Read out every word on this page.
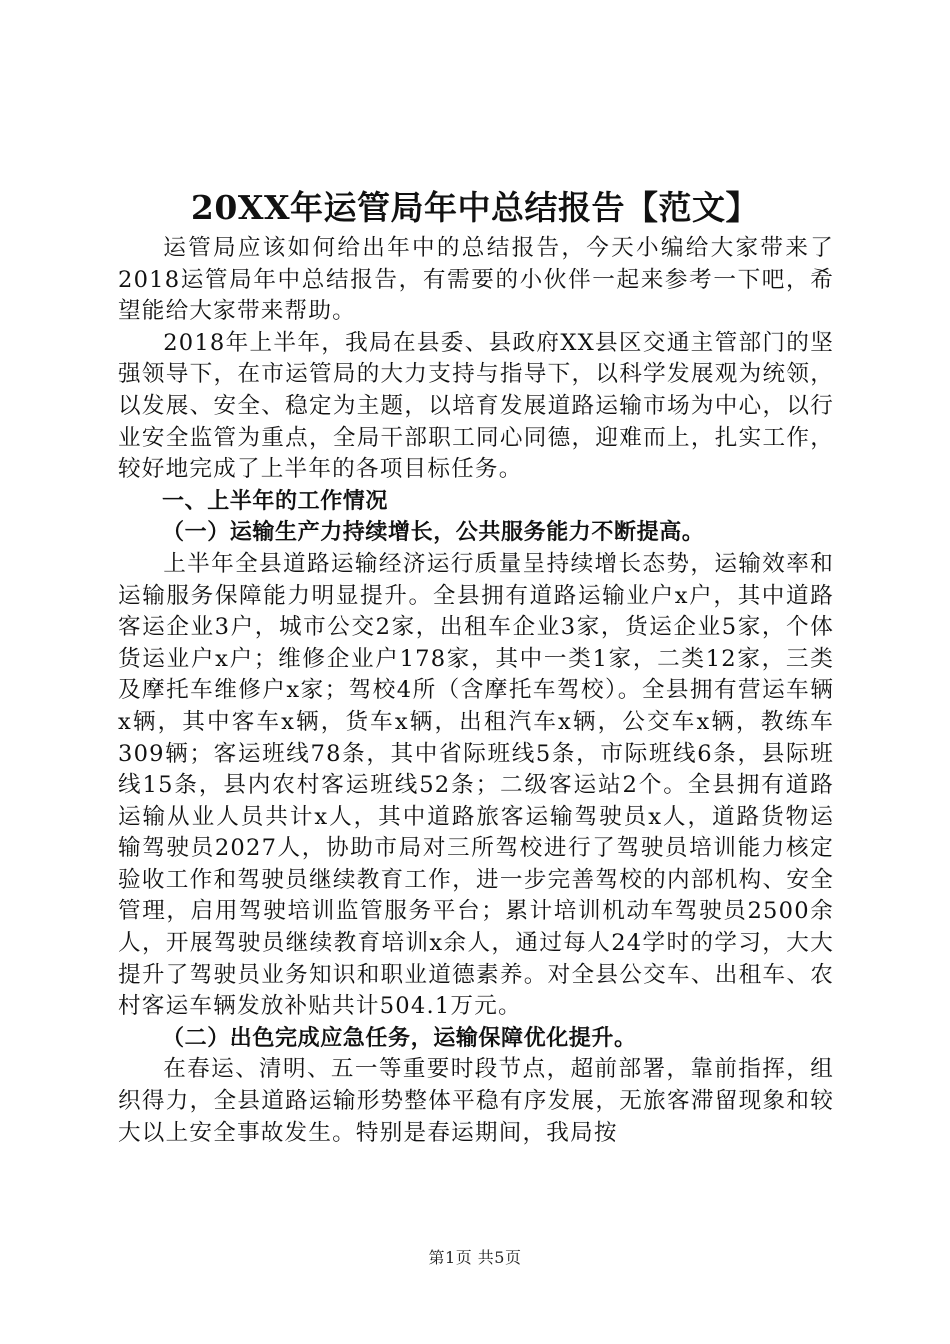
20XX年运管局年中总结报告【范文】

运管局应该如何给出年中的总结报告，今天小编给大家带来了2018运管局年中总结报告，有需要的小伙伴一起来参考一下吧，希望能给大家带来帮助。

2018年上半年，我局在县委、县政府XX县区交通主管部门的坚强领导下，在市运管局的大力支持与指导下，以科学发展观为统领，以发展、安全、稳定为主题，以培育发展道路运输市场为中心，以行业安全监管为重点，全局干部职工同心同德，迎难而上，扎实工作，较好地完成了上半年的各项目标任务。

一、上半年的工作情况

（一）运输生产力持续增长，公共服务能力不断提高。

上半年全县道路运输经济运行质量呈持续增长态势，运输效率和运输服务保障能力明显提升。全县拥有道路运输业户x户，其中道路客运企业3户，城市公交2家，出租车企业3家，货运企业5家，个体货运业户x户；维修企业户178家，其中一类1家，二类12家，三类及摩托车维修户x家；驾校4所（含摩托车驾校）。全县拥有营运车辆x辆，其中客车x辆，货车x辆，出租汽车x辆，公交车x辆，教练车309辆；客运班线78条，其中省际班线5条，市际班线6条，县际班线15条，县内农村客运班线52条；二级客运站2个。全县拥有道路运输从业人员共计x人，其中道路旅客运输驾驶员x人，道路货物运输驾驶员2027人，协助市局对三所驾校进行了驾驶员培训能力核定验收工作和驾驶员继续教育工作，进一步完善驾校的内部机构、安全管理，启用驾驶培训监管服务平台；累计培训机动车驾驶员2500余人，开展驾驶员继续教育培训x余人，通过每人24学时的学习，大大提升了驾驶员业务知识和职业道德素养。对全县公交车、出租车、农村客运车辆发放补贴共计504.1万元。

（二）出色完成应急任务，运输保障优化提升。

在春运、清明、五一等重要时段节点，超前部署，靠前指挥，组织得力，全县道路运输形势整体平稳有序发展，无旅客滞留现象和较大以上安全事故发生。特别是春运期间，我局按

第1页 共5页
